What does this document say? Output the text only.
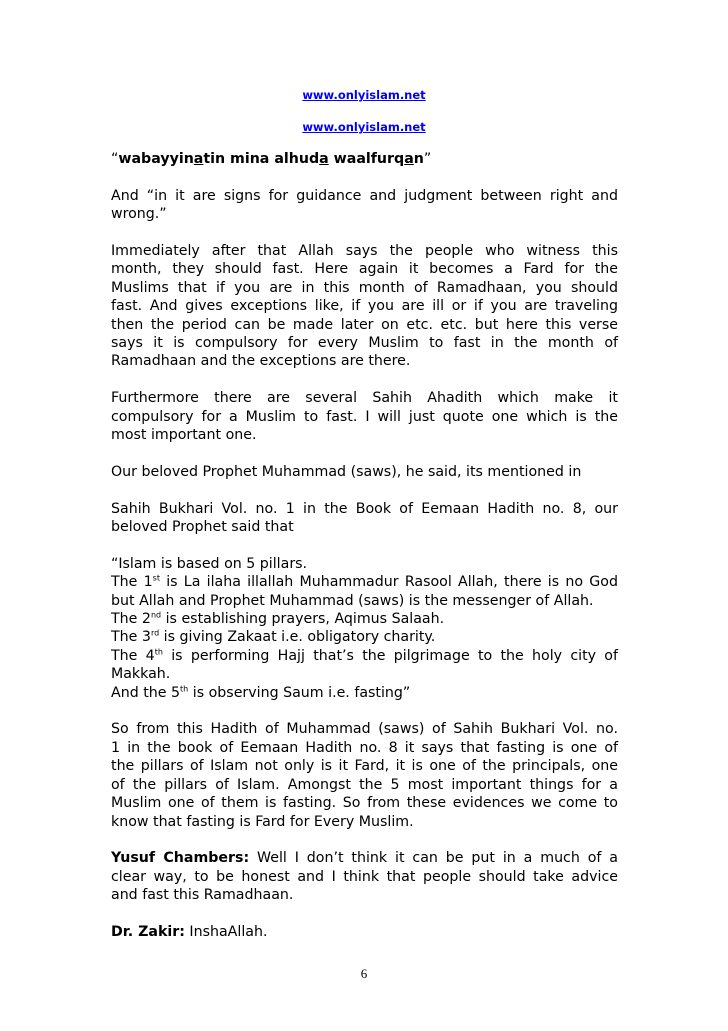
www.onlyislam.net
www.onlyislam.net

“wabayyinatin mina alhuda waalfurqan”

And “in it are signs for guidance and judgment between right and
wrong.”

Immediately after that Allah says the people who witness this
month, they should fast. Here again it becomes a Fard for the
Muslims that if you are in this month of Ramadhaan, you should
fast. And gives exceptions like, if you are ill or if you are traveling
then the period can be made later on etc. etc. but here this verse
says it is compulsory for every Muslim to fast in the month of
Ramadhaan and the exceptions are there.

Furthermore there are several Sahih Ahadith which make it
compulsory for a Muslim to fast. I will just quote one which is the
most important one.

Our beloved Prophet Muhammad (saws), he said, its mentioned in

Sahih Bukhari Vol. no. 1 in the Book of Eemaan Hadith no. 8, our
beloved Prophet said that

“Islam is based on 5 pillars.
The 1st is La ilaha illallah Muhammadur Rasool Allah, there is no God
but Allah and Prophet Muhammad (saws) is the messenger of Allah.
The 2nd is establishing prayers, Aqimus Salaah.
The 3rd is giving Zakaat i.e. obligatory charity.
The 4th is performing Hajj that’s the pilgrimage to the holy city of
Makkah.
And the 5th is observing Saum i.e. fasting”

So from this Hadith of Muhammad (saws) of Sahih Bukhari Vol. no.
1 in the book of Eemaan Hadith no. 8 it says that fasting is one of
the pillars of Islam not only is it Fard, it is one of the principals, one
of the pillars of Islam. Amongst the 5 most important things for a
Muslim one of them is fasting. So from these evidences we come to
know that fasting is Fard for Every Muslim.

Yusuf Chambers: Well I don’t think it can be put in a much of a
clear way, to be honest and I think that people should take advice
and fast this Ramadhaan.

Dr. Zakir: InshaAllah.

6
